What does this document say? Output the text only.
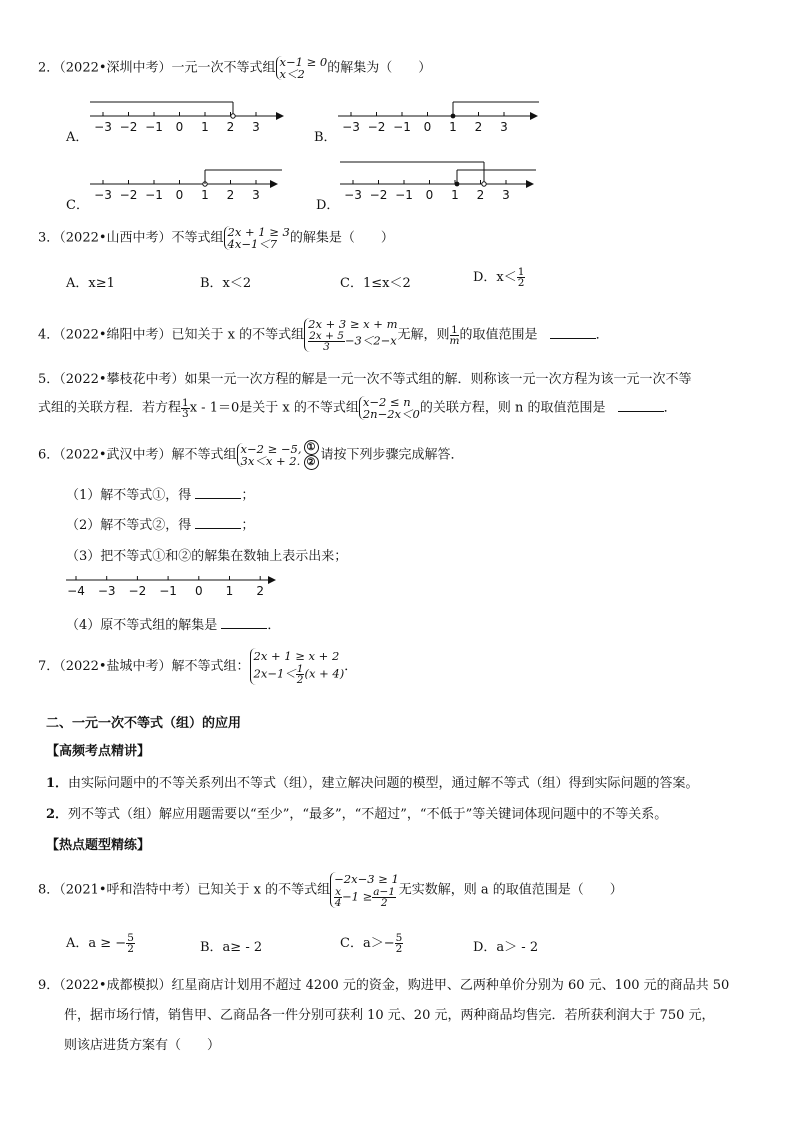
2．（2022•深圳中考）一元一次不等式组 x−1 ≥ 0
x＜2 的解集为（　　）
A．
−3 −2 −1 0 1 2 3
B．
−3 −2 −1 0 1 2 3
C．
−3 −2 −1 0 1 2 3
D．
−3 −2 −1 0 1 2 3
3．（2022•山西中考）不等式组 2x + 1 ≥ 3
4x−1＜7 的解集是（　　）
A．x≥1	B．x＜2	C．1≤x＜2	D．$x< \frac{1}{2}$
4．（2022•绵阳中考）已知关于 x 的不等式组2x + 3 ≥ x + m

$\frac{2x + 5}{3} -3<2-x$无解，则 $\frac{1}{m}$ 的取值范围是	．
5．（2022•攀枝花中考）如果一元一次方程的解是一元一次不等式组的解．则称该一元一次方程为该一元一次不等
式组的关联方程．若方程 $\frac{1}{3}$ x - 1＝0是关于 x 的不等式组 x−2 ≤ n
2n−2x＜0的关联方程，则 n 的取值范围是	．
6．（2022•武汉中考）解不等式组 x−2 ≥ −5,
3x＜x + 2.①
② 请按下列步骤完成解答．
（1）解不等式①，得	；
（2）解不等式②，得	；
（3）把不等式①和②的解集在数轴上表示出来；
−4 −3 −2 −1 0 1 2
（4）原不等式组的解集是	．
7．（2022•盐城中考）解不等式组：2x + 1 ≥ x + 2
$2x-1< \frac{1}{2} (x + 4)$．
二、一元一次不等式（组）的应用
【高频考点精讲】
1．由实际问题中的不等关系列出不等式（组），建立解决问题的模型，通过解不等式（组）得到实际问题的答案。
2．列不等式（组）解应用题需要以“至少”，“最多”，“不超过”，“不低于”等关键词体现问题中的不等关系。
【热点题型精练】
8．（2021•呼和浩特中考）已知关于 x 的不等式组−2x−3 ≥ 1

$\frac{x}{4} -1 \ge \frac{a-1}{2}$ 无实数解，则 a 的取值范围是（　　）
A．a ≥ − $\frac{5}{2}$	B．a≥ - 2	C．$a>- \frac{5}{2}$	D．a＞ - 2
9．（2022•成都模拟）红星商店计划用不超过 4200 元的资金，购进甲、乙两种单价分别为 60 元、100 元的商品共 50
件，据市场行情，销售甲、乙商品各一件分别可获利 10 元、20 元，两种商品均售完．若所获利润大于 750 元，
则该店进货方案有（　　）
